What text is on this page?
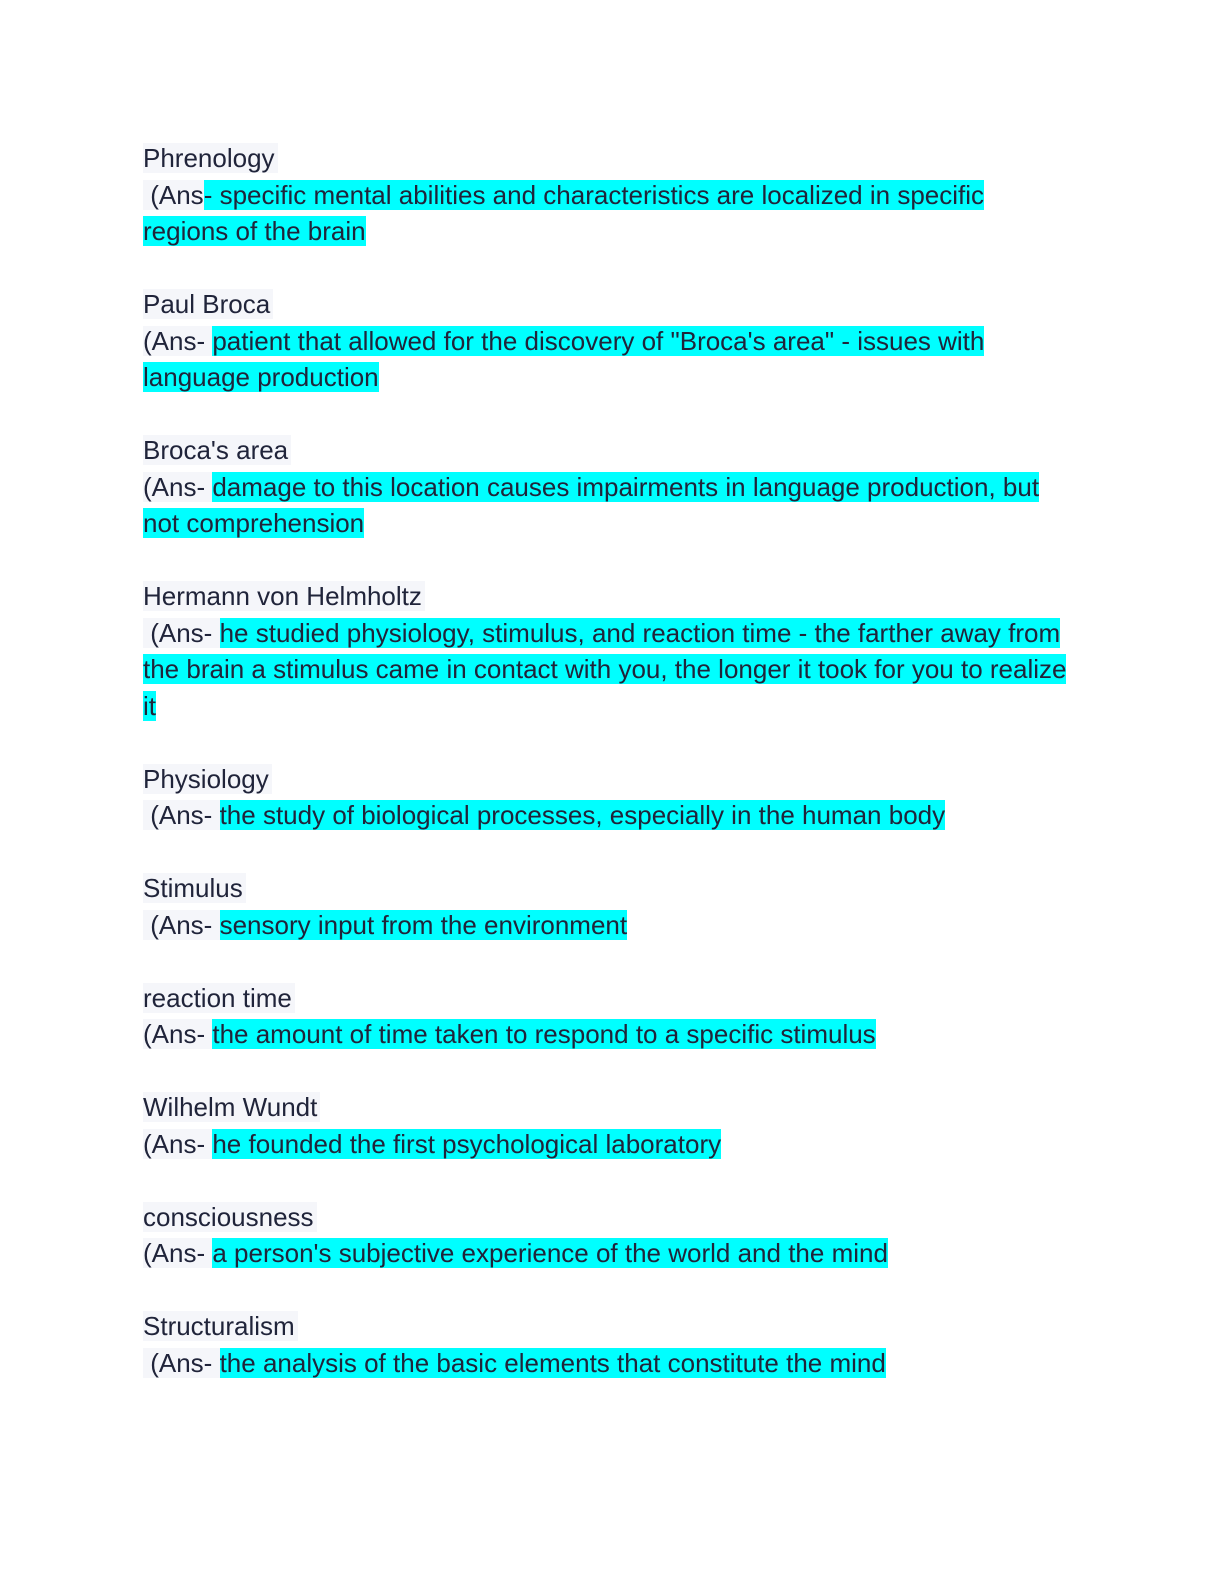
Phrenology
(Ans- specific mental abilities and characteristics are localized in specific regions of the brain
Paul Broca
(Ans- patient that allowed for the discovery of "Broca's area" - issues with language production
Broca's area
(Ans- damage to this location causes impairments in language production, but not comprehension
Hermann von Helmholtz
(Ans- he studied physiology, stimulus, and reaction time - the farther away from the brain a stimulus came in contact with you, the longer it took for you to realize it
Physiology
(Ans- the study of biological processes, especially in the human body
Stimulus
(Ans- sensory input from the environment
reaction time
(Ans- the amount of time taken to respond to a specific stimulus
Wilhelm Wundt
(Ans- he founded the first psychological laboratory
consciousness
(Ans- a person's subjective experience of the world and the mind
Structuralism
(Ans- the analysis of the basic elements that constitute the mind
